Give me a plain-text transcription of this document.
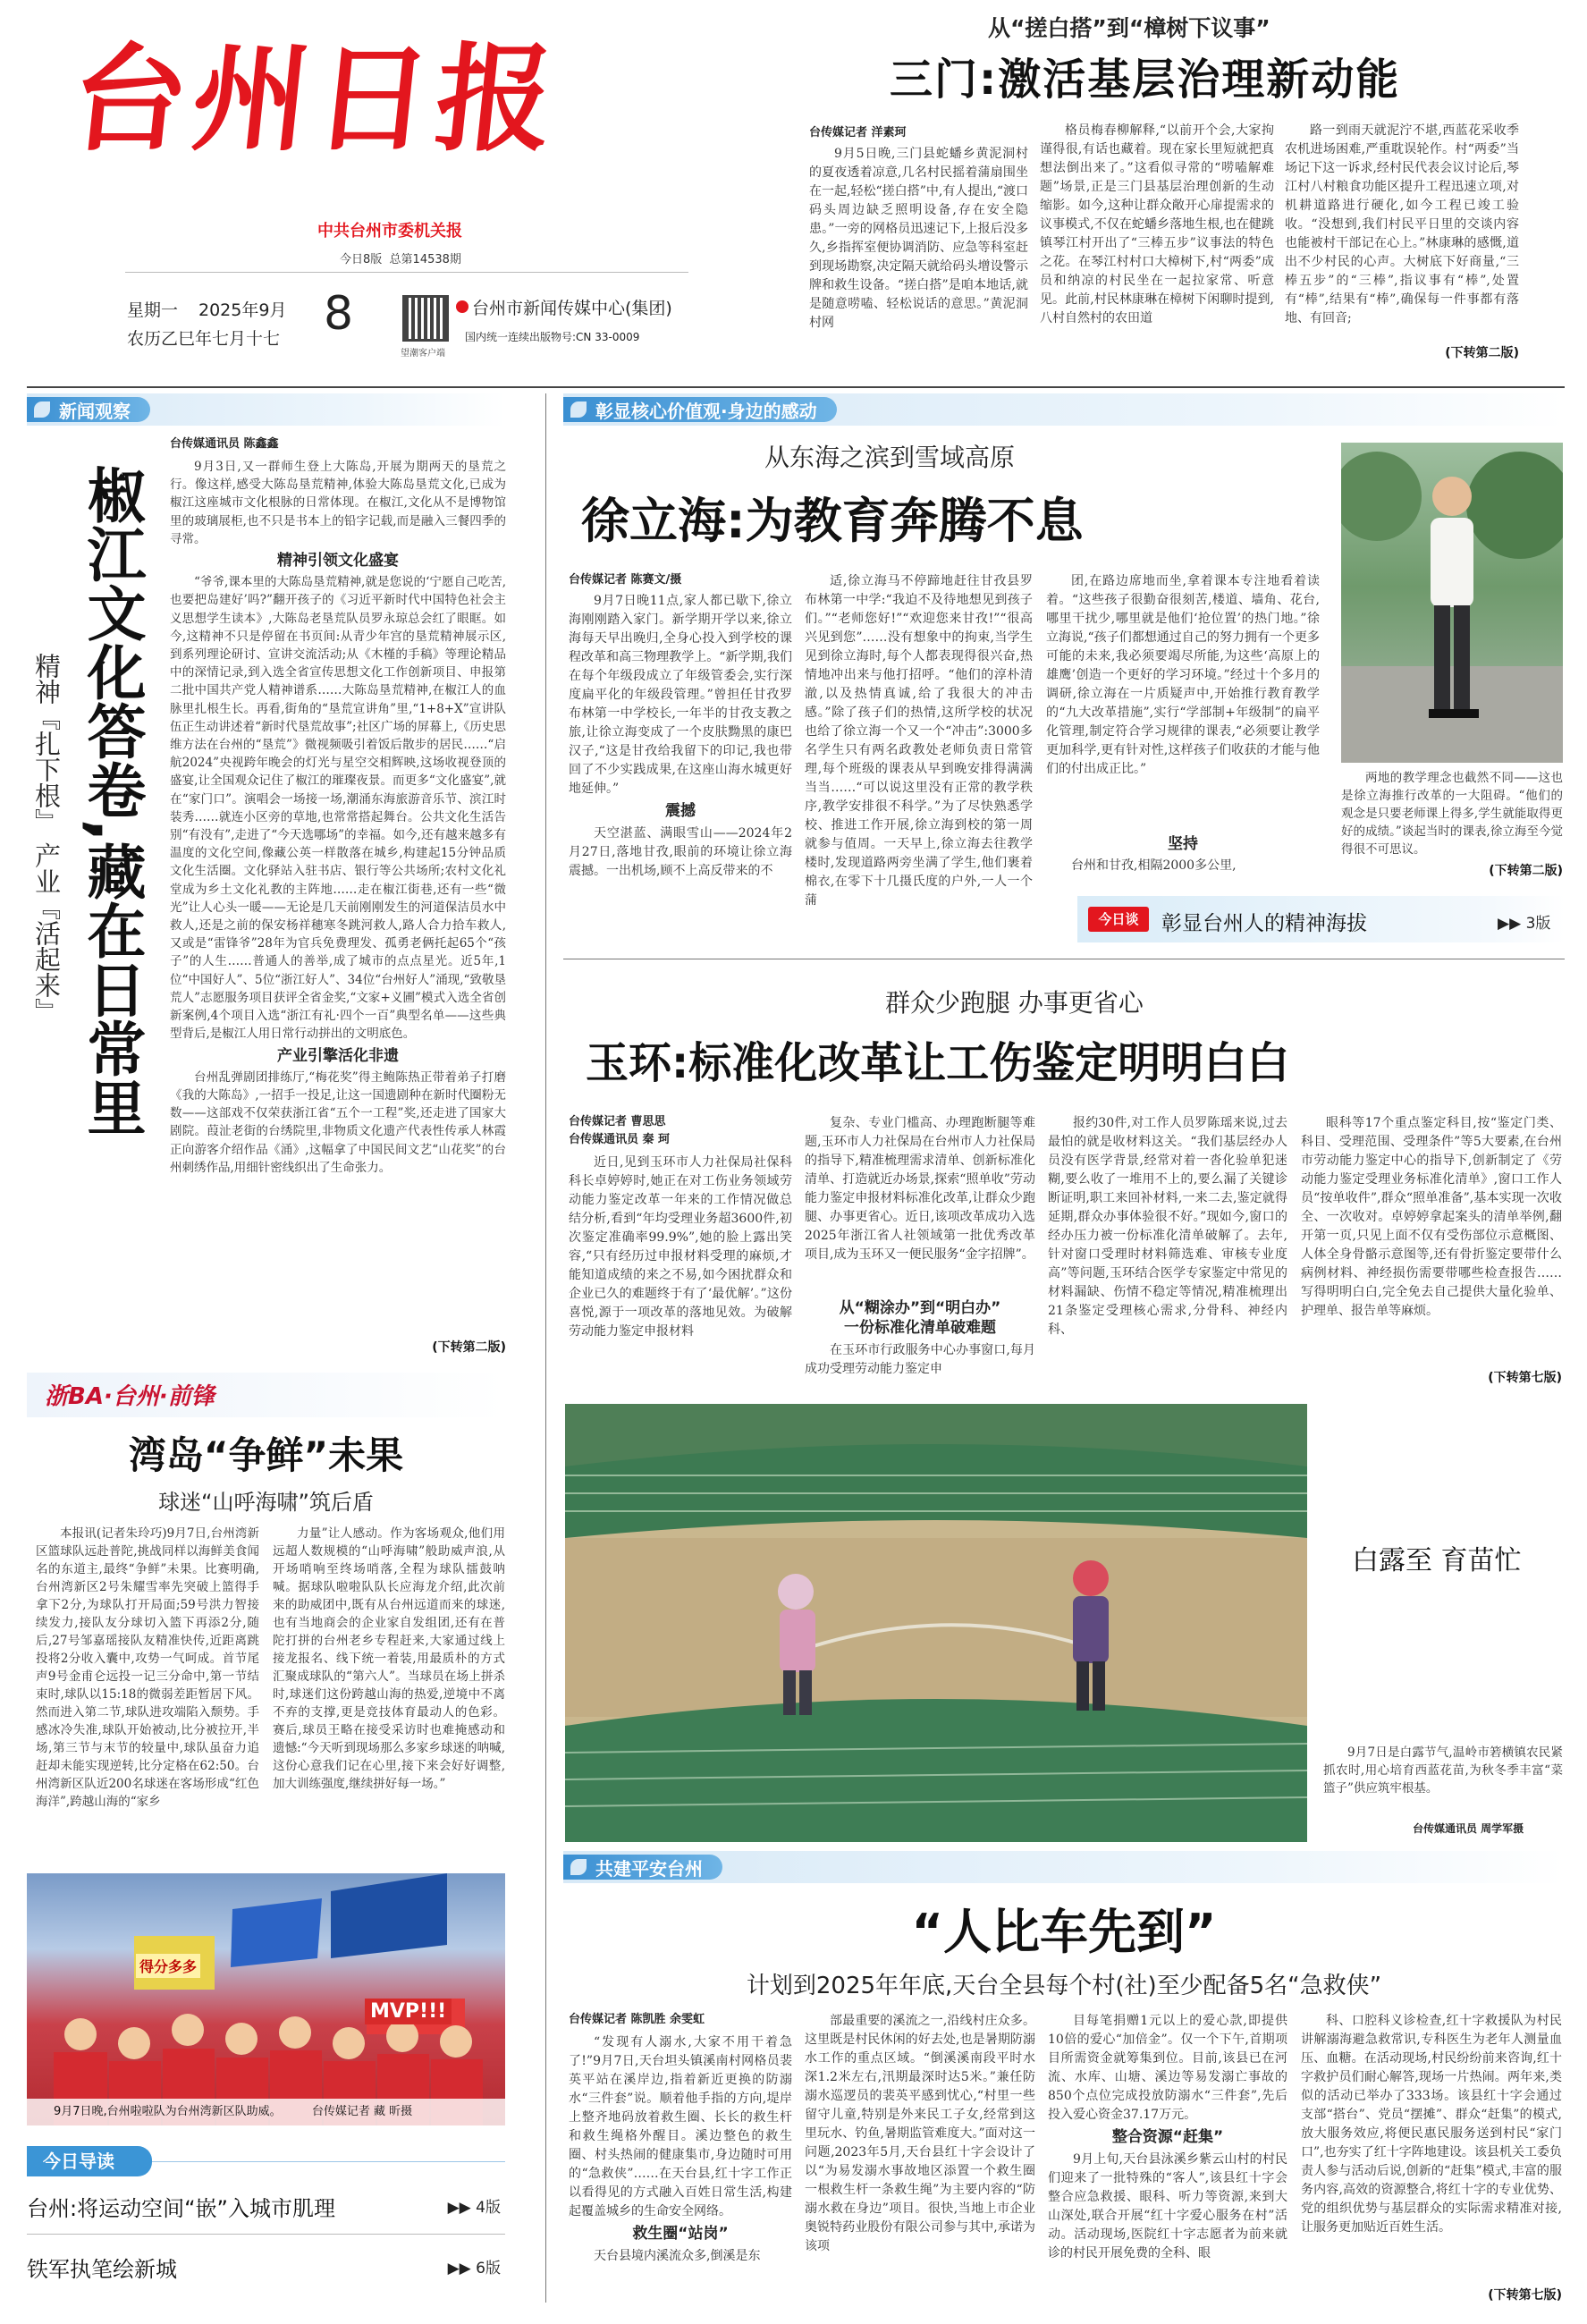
台州日报
中共台州市委机关报
今日8版 总第14538期
星期一 2025年9月 8
农历乙巳年七月十七
望潮客户端
台州市新闻传媒中心(集团)
国内统一连续出版物号:CN 33-0009
从“搓白搭”到“樟树下议事”
三门:激活基层治理新动能
台传媒记者 洋素珂

9月5日晚,三门县蛇蟠乡黄泥洞村的夏夜透着凉意,几名村民摇着蒲扇围坐在一起,轻松“搓白搭”中,有人提出,“渡口码头周边缺乏照明设备,存在安全隐患。”一旁的网格员迅速记下,上报后没多久,乡指挥室便协调消防、应急等科室赶到现场勘察,决定隔天就给码头增设警示牌和救生设备。“搓白搭”是咱本地话,就是随意唠嗑、轻松说话的意思。”黄泥洞村网

格员梅春柳解释,“以前开个会,大家拘谨得很,有话也藏着。现在家长里短就把真想法倒出来了。”这看似寻常的“唠嗑解难题”场景,正是三门县基层治理创新的生动缩影。如今,这种让群众敞开心扉提需求的议事模式,不仅在蛇蟠乡落地生根,也在健跳镇琴江村开出了“三棒五步”议事法的特色之花。在琴江村村口大樟树下,村“两委”成员和纳凉的村民坐在一起拉家常、听意见。此前,村民林康琳在樟树下闲聊时提到,八村自然村的农田道

路一到雨天就泥泞不堪,西蓝花采收季农机进场困难,严重耽误轮作。村“两委”当场记下这一诉求,经村民代表会议讨论后,琴江村八村粮食功能区提升工程迅速立项,对机耕道路进行硬化,如今工程已竣工验收。“没想到,我们村民平日里的交谈内容也能被村干部记在心上。”林康琳的感慨,道出不少村民的心声。大树底下好商量,“三棒五步”的“三棒”,指议事有“棒”,处置有“棒”,结果有“棒”,确保每一件事都有落地、有回音;

(下转第二版)
新闻观察
椒江文化答卷,藏在日常里
精神『扎下根』 产业『活起来』
台传媒通讯员 陈鑫鑫

9月3日,又一群师生登上大陈岛,开展为期两天的垦荒之行。像这样,感受大陈岛垦荒精神,体验大陈岛垦荒文化,已成为椒江这座城市文化根脉的日常体现。在椒江,文化从不是博物馆里的玻璃展柜,也不只是书本上的铅字记载,而是融入三餐四季的寻常。

精神引领文化盛宴

“爷爷,课本里的大陈岛垦荒精神,就是您说的‘宁愿自己吃苦,也要把岛建好’吗?”翻开孩子的《习近平新时代中国特色社会主义思想学生读本》,大陈岛老垦荒队员罗永琼总会红了眼眶。如今,这精神不只是停留在书页间:从青少年宫的垦荒精神展示区,到系列理论研讨、宣讲交流活动;从《木槿的手稿》等理论精品中的深情记录,到入选全省宣传思想文化工作创新项目、申报第二批中国共产党人精神谱系……大陈岛垦荒精神,在椒江人的血脉里扎根生长。再看,街角的“垦荒宣讲角”里,“1+8+X”宣讲队伍正生动讲述着“新时代垦荒故事”;社区广场的屏幕上,《历史思维方法在台州的“垦荒”》微视频吸引着饭后散步的居民……“启航2024”央视跨年晚会的灯光与星空交相辉映,这场收视登顶的盛宴,让全国观众记住了椒江的璀璨夜景。而更多“文化盛宴”,就在“家门口”。演唱会一场接一场,潮涌东海旅游音乐节、滨江时装秀……就连小区旁的草地,也常常搭起舞台。公共文化生活告别“有没有”,走进了“今天选哪场”的幸福。如今,还有越来越多有温度的文化空间,像藏公英一样散落在城乡,构建起15分钟品质文化生活圈。文化驿站入驻书店、银行等公共场所;农村文化礼堂成为乡土文化礼教的主阵地……走在椒江街巷,还有一些“微光”让人心头一暖——无论是几天前刚刚发生的河道保洁员水中救人,还是之前的保安杨祥穗寒冬跳河救人,路人合力拾车救人,又或是“雷锋爷”28年为官兵免费理发、孤勇老俩托起65个“孩子”的人生……普通人的善举,成了城市的点点星光。近5年,1位“中国好人”、5位“浙江好人”、34位“台州好人”涌现,“致敬垦荒人”志愿服务项目获评全省金奖,“文家+义圃”模式入选全省创新案例,4个项目入选“浙江有礼·四个一百”典型名单——这些典型背后,是椒江人用日常行动拼出的文明底色。

产业引擎活化非遗

台州乱弹剧团排练厅,“梅花奖”得主鲍陈热正带着弟子打磨《我的大陈岛》,一招手一投足,让这一国遗剧种在新时代圈粉无数——这部戏不仅荣获浙江省“五个一工程”奖,还走进了国家大剧院。葭沚老街的台绣院里,非物质文化遗产代表性传承人林霞正向游客介绍作品《涌》,这幅拿了中国民间文艺“山花奖”的台州刺绣作品,用细针密线织出了生命张力。

(下转第二版)
浙BA·台州·前锋
湾岛“争鲜”未果
球迷“山呼海啸”筑后盾

本报讯(记者朱玲巧)9月7日,台州湾新区篮球队远赴普陀,挑战同样以海鲜美食闻名的东道主,最终“争鲜”未果。比赛明确,台州湾新区2号朱耀雪率先突破上篮得手拿下2分,为球队打开局面;59号洪力智接续发力,接队友分球切入篮下再添2分,随后,27号邹嘉瑶接队友精准快传,近距离跳投将2分收入囊中,攻势一气呵成。首节尾声9号金甫仑远投一记三分命中,第一节结束时,球队以15:18的微弱差距暂居下风。然而进入第二节,球队进攻端陷入颓势。手感冰冷失准,球队开始被动,比分被拉开,半场,第三节与末节的较量中,球队虽奋力追赶却未能实现逆转,比分定格在62:50。台州湾新区队近200名球迷在客场形成“红色海洋”,跨越山海的“家乡

力量”让人感动。作为客场观众,他们用远超人数规模的“山呼海啸”般助威声浪,从开场哨响至终场哨落,全程为球队擂鼓呐喊。据球队啦啦队队长应海龙介绍,此次前来的助威团中,既有从台州远道而来的球迷,也有当地商会的企业家自发组团,还有在普陀打拼的台州老乡专程赶来,大家通过线上接龙报名、线下统一着装,用最质朴的方式汇聚成球队的“第六人”。当球员在场上拼杀时,球迷们这份跨越山海的热爱,逆境中不离不弃的支撑,更是竞技体育最动人的色彩。赛后,球员王略在接受采访时也难掩感动和遗憾:“今天听到现场那么多家乡球迷的呐喊,这份心意我们记在心里,接下来会好好调整,加大训练强度,继续拼好每一场。”

得分多多
MVP!!!
9月7日晚,台州啦啦队为台州湾新区队助威。	台传媒记者 藏 昕摄
今日导读
台州:将运动空间“嵌”入城市肌理	▶▶ 4版
铁军执笔绘新城	▶▶ 6版
彰显核心价值观·身边的感动
从东海之滨到雪域高原
徐立海:为教育奔腾不息
台传媒记者 陈赛文/摄

9月7日晚11点,家人都已歇下,徐立海刚刚踏入家门。新学期开学以来,徐立海每天早出晚归,全身心投入到学校的课程改革和高三物理教学上。“新学期,我们在每个年级段成立了年级管委会,实行深度扁平化的年级段管理。”曾担任甘孜罗布林第一中学校长,一年半的甘孜支教之旅,让徐立海变成了一个皮肤黝黑的康巴汉子,“这是甘孜给我留下的印记,我也带回了不少实践成果,在这座山海水城更好地延伸。”

震撼

天空湛蓝、满眼雪山——2024年2月27日,落地甘孜,眼前的环境让徐立海震撼。一出机场,顾不上高反带来的不

适,徐立海马不停蹄地赶往甘孜县罗布林第一中学:“我迫不及待地想见到孩子们。”“老师您好!”“欢迎您来甘孜!”“很高兴见到您”……没有想象中的拘束,当学生见到徐立海时,每个人都表现得很兴奋,热情地冲出来与他打招呼。“他们的淳朴清澈,以及热情真诚,给了我很大的冲击感。”除了孩子们的热情,这所学校的状况也给了徐立海一个又一个“冲击”:3000多名学生只有两名政教处老师负责日常管理,每个班级的课表从早到晚安排得满满当当……“可以说这里没有正常的教学秩序,教学安排很不科学。”为了尽快熟悉学校、推进工作开展,徐立海到校的第一周就参与值周。一天早上,徐立海去往教学楼时,发现道路两旁坐满了学生,他们裹着棉衣,在零下十几摄氏度的户外,一人一个蒲

团,在路边席地而坐,拿着课本专注地看着读着。“这些孩子很勤奋很刻苦,楼道、墙角、花台,哪里干扰少,哪里就是他们‘抢位置’的热门地。”徐立海说,“孩子们都想通过自己的努力拥有一个更多可能的未来,我必须要竭尽所能,为这些‘高原上的雄鹰’创造一个更好的学习环境。”经过十个多月的调研,徐立海在一片质疑声中,开始推行教育教学的“九大改革措施”,实行“学部制+年级制”的扁平化管理,制定符合学习规律的课表,“必须要让教学更加科学,更有针对性,这样孩子们收获的才能与他们的付出成正比。”

坚持

台州和甘孜,相隔2000多公里,

两地的教学理念也截然不同——这也是徐立海推行改革的一大阻碍。“他们的观念是只要老师课上得多,学生就能取得更好的成绩。”谈起当时的课表,徐立海至今觉得很不可思议。

(下转第二版)
今日谈	彰显台州人的精神海拔	▶▶ 3版
群众少跑腿 办事更省心
玉环:标准化改革让工伤鉴定明明白白
台传媒记者 曹思思
台传媒通讯员 秦 珂

近日,见到玉环市人力社保局社保科科长卓婷婷时,她正在对工伤业务领域劳动能力鉴定改革一年来的工作情况做总结分析,看到“年均受理业务超3600件,初次鉴定准确率99.9%”,她的脸上露出笑容,“只有经历过申报材料受理的麻烦,才能知道成绩的来之不易,如今困扰群众和企业已久的难题终于有了‘最优解’。”这份喜悦,源于一项改革的落地见效。为破解劳动能力鉴定申报材料

复杂、专业门槛高、办理跑断腿等难题,玉环市人力社保局在台州市人力社保局的指导下,精准梳理需求清单、创新标准化清单、打造就近办场景,探索“照单收”劳动能力鉴定申报材料标准化改革,让群众少跑腿、办事更省心。近日,该项改革成功入选2025年浙江省人社领域第一批优秀改革项目,成为玉环又一便民服务“金字招牌”。

从“糊涂办”到“明白办”
一份标准化清单破难题

在玉环市行政服务中心办事窗口,每月成功受理劳动能力鉴定申

报约30件,对工作人员罗陈瑶来说,过去最怕的就是收材料这关。“我们基层经办人员没有医学背景,经常对着一沓化验单犯迷糊,要么收了一堆用不上的,要么漏了关键诊断证明,职工来回补材料,一来二去,鉴定就得延期,群众办事体验很不好。”现如今,窗口的经办压力被一份标准化清单破解了。去年,针对窗口受理时材料筛选难、审核专业度高”等问题,玉环结合医学专家鉴定中常见的材料漏缺、伤情不稳定等情况,精准梳理出21条鉴定受理核心需求,分骨科、神经内科、

眼科等17个重点鉴定科目,按“鉴定门类、科目、受理范围、受理条件”等5大要素,在台州市劳动能力鉴定中心的指导下,创新制定了《劳动能力鉴定受理业务标准化清单》,窗口工作人员“按单收件”,群众“照单准备”,基本实现一次收全、一次收对。卓婷婷拿起案头的清单举例,翻开第一页,只见上面不仅有受伤部位示意概图、人体全身骨骼示意图等,还有骨折鉴定要带什么病例材料、神经损伤需要带哪些检查报告……写得明明白白,完全免去自己提供大量化验单、护理单、报告单等麻烦。

(下转第七版)
白露至 育苗忙

9月7日是白露节气,温岭市箬横镇农民紧抓农时,用心培育西蓝花苗,为秋冬季丰富“菜篮子”供应筑牢根基。

台传媒通讯员 周学军摄
共建平安台州
“人比车先到”
计划到2025年年底,天台全县每个村(社)至少配备5名“急救侠”
台传媒记者 陈凯胜 余雯虹

“发现有人溺水,大家不用干着急了!”9月7日,天台坦头镇溪南村网格员裴英平站在溪岸边,指着新近更换的防溺水“三件套”说。顺着他手指的方向,堤岸上整齐地码放着救生圈、长长的救生杆和救生绳格外醒目。溪边整色的救生圈、村头热闹的健康集市,身边随时可用的“急救侠”……在天台县,红十字工作正以看得见的方式融入百姓日常生活,构建起覆盖城乡的生命安全网络。

救生圈“站岗”

天台县境内溪流众多,倒溪是东

部最重要的溪流之一,沿线村庄众多。这里既是村民休闲的好去处,也是暑期防溺水工作的重点区域。“倒溪溪南段平时水深1.2米左右,汛期最深时达5米。”兼任防溺水巡逻员的裴英平感到忧心,“村里一些留守儿童,特别是外来民工子女,经常到这里玩水、钓鱼,暑期监管难度大。”面对这一问题,2023年5月,天台县红十字会设计了以“为易发溺水事故地区添置一个救生圈一根救生杆一条救生绳”为主要内容的“防溺水救在身边”项目。很快,当地上市企业奥锐特药业股份有限公司参与其中,承诺为该项

目每笔捐赠1元以上的爱心款,即提供10倍的爱心“加倍金”。仅一个下午,首期项目所需资金就筹集到位。目前,该县已在河流、水库、山塘、溪边等易发溺亡事故的850个点位完成投放防溺水“三件套”,先后投入爱心资金37.17万元。

整合资源“赶集”

9月上旬,天台县泳溪乡紫云山村的村民们迎来了一批特殊的“客人”,该县红十字会整合应急救援、眼科、听力等资源,来到大山深处,联合开展“红十字爱心服务在村”活动。活动现场,医院红十字志愿者为前来就诊的村民开展免费的全科、眼

科、口腔科义诊检查,红十字救援队为村民讲解溺海避急救常识,专科医生为老年人测量血压、血糖。在活动现场,村民纷纷前来咨询,红十字救护员们耐心解答,现场一片热闹。两年来,类似的活动已举办了333场。该县红十字会通过支部“搭台”、党员“摆摊”、群众“赶集”的模式,放大服务效应,将便民惠民服务送到村民“家门口”,也夯实了红十字阵地建设。该县机关工委负责人参与活动后说,创新的“赶集”模式,丰富的服务内容,高效的资源整合,将红十字的专业优势、党的组织优势与基层群众的实际需求精准对接,让服务更加贴近百姓生活。

(下转第七版)
